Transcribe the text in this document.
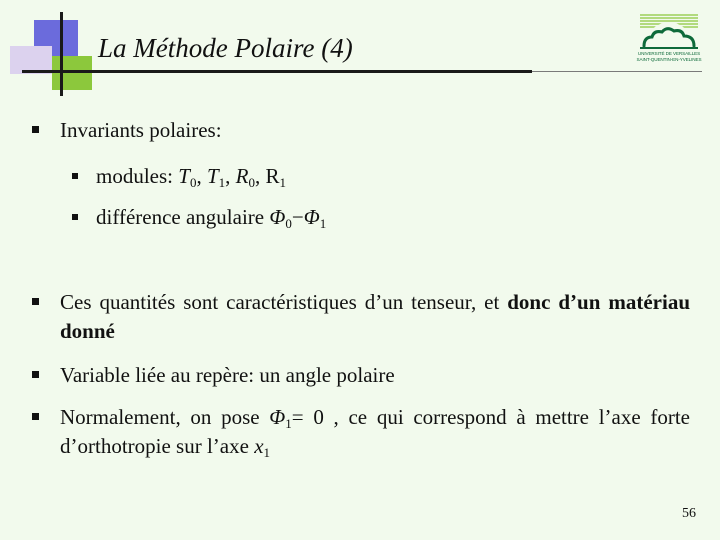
La Méthode Polaire (4)	UNIVERSITÉ DE VERSAILLES
SAINT-QUENTIN-EN-YVELINES
Invariants polaires:
modules: $T_0$, $T_1$, $R_0$, $R_1$
différence angulaire $\Phi_0-\Phi_1$
Ces quantités sont caractéristiques d’un tenseur, et donc d’un matériau donné
Variable liée au repère: un angle polaire
Normalement, on pose $\Phi_1= 0$ , ce qui correspond à mettre l’axe forte d’orthotropie sur l’axe $x_1$
56
